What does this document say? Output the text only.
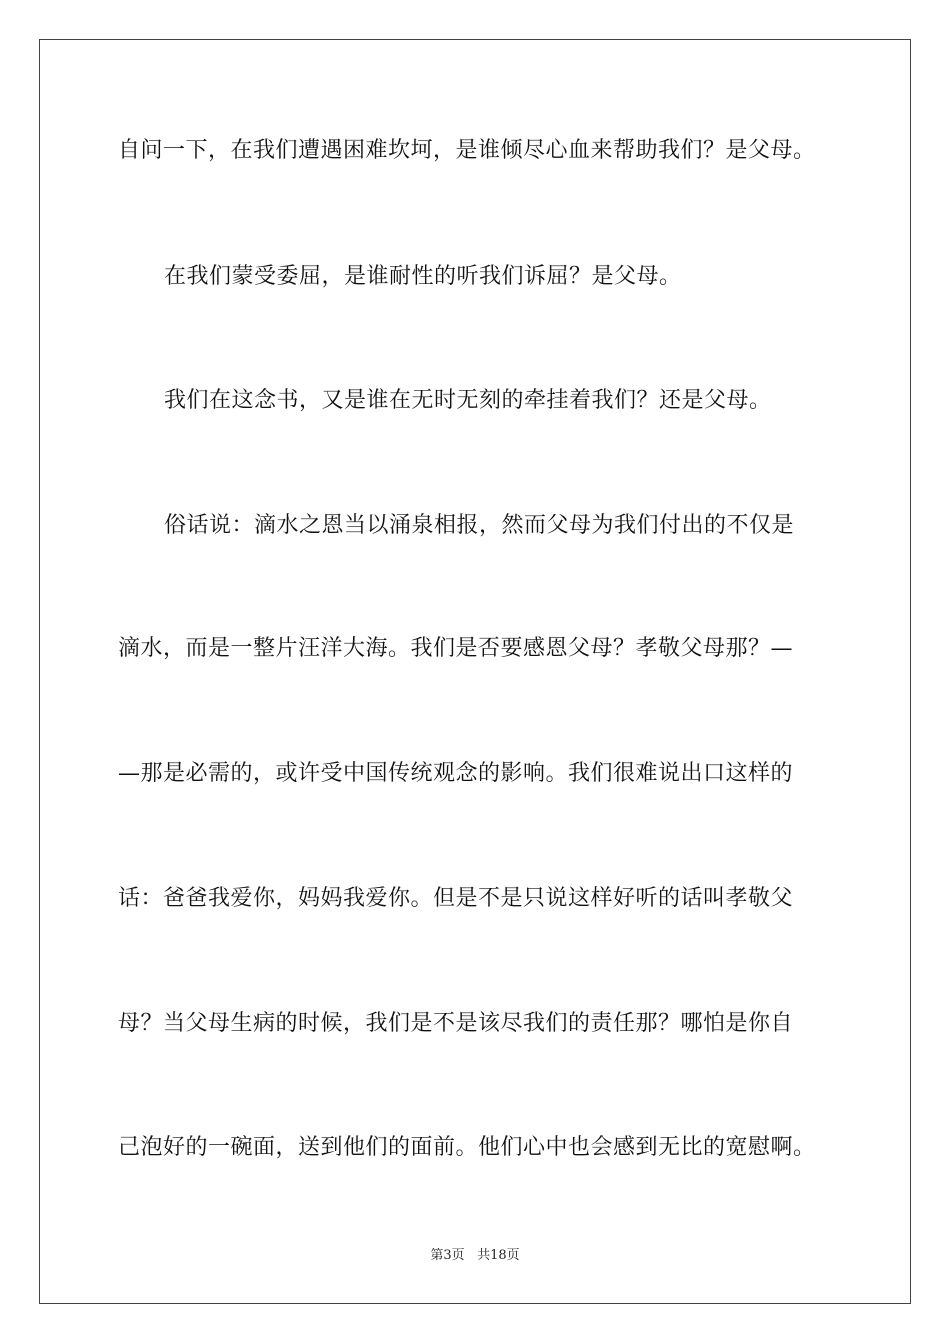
自问一下，在我们遭遇困难坎坷，是谁倾尽心血来帮助我们？是父母。
在我们蒙受委屈，是谁耐性的听我们诉屈？是父母。
我们在这念书，又是谁在无时无刻的牵挂着我们？还是父母。
俗话说：滴水之恩当以涌泉相报，然而父母为我们付出的不仅是
滴水，而是一整片汪洋大海。我们是否要感恩父母？孝敬父母那？—
—那是必需的，或许受中国传统观念的影响。我们很难说出口这样的
话：爸爸我爱你，妈妈我爱你。但是不是只说这样好听的话叫孝敬父
母？当父母生病的时候，我们是不是该尽我们的责任那？哪怕是你自
己泡好的一碗面，送到他们的面前。他们心中也会感到无比的宽慰啊。
第3页 共18页
